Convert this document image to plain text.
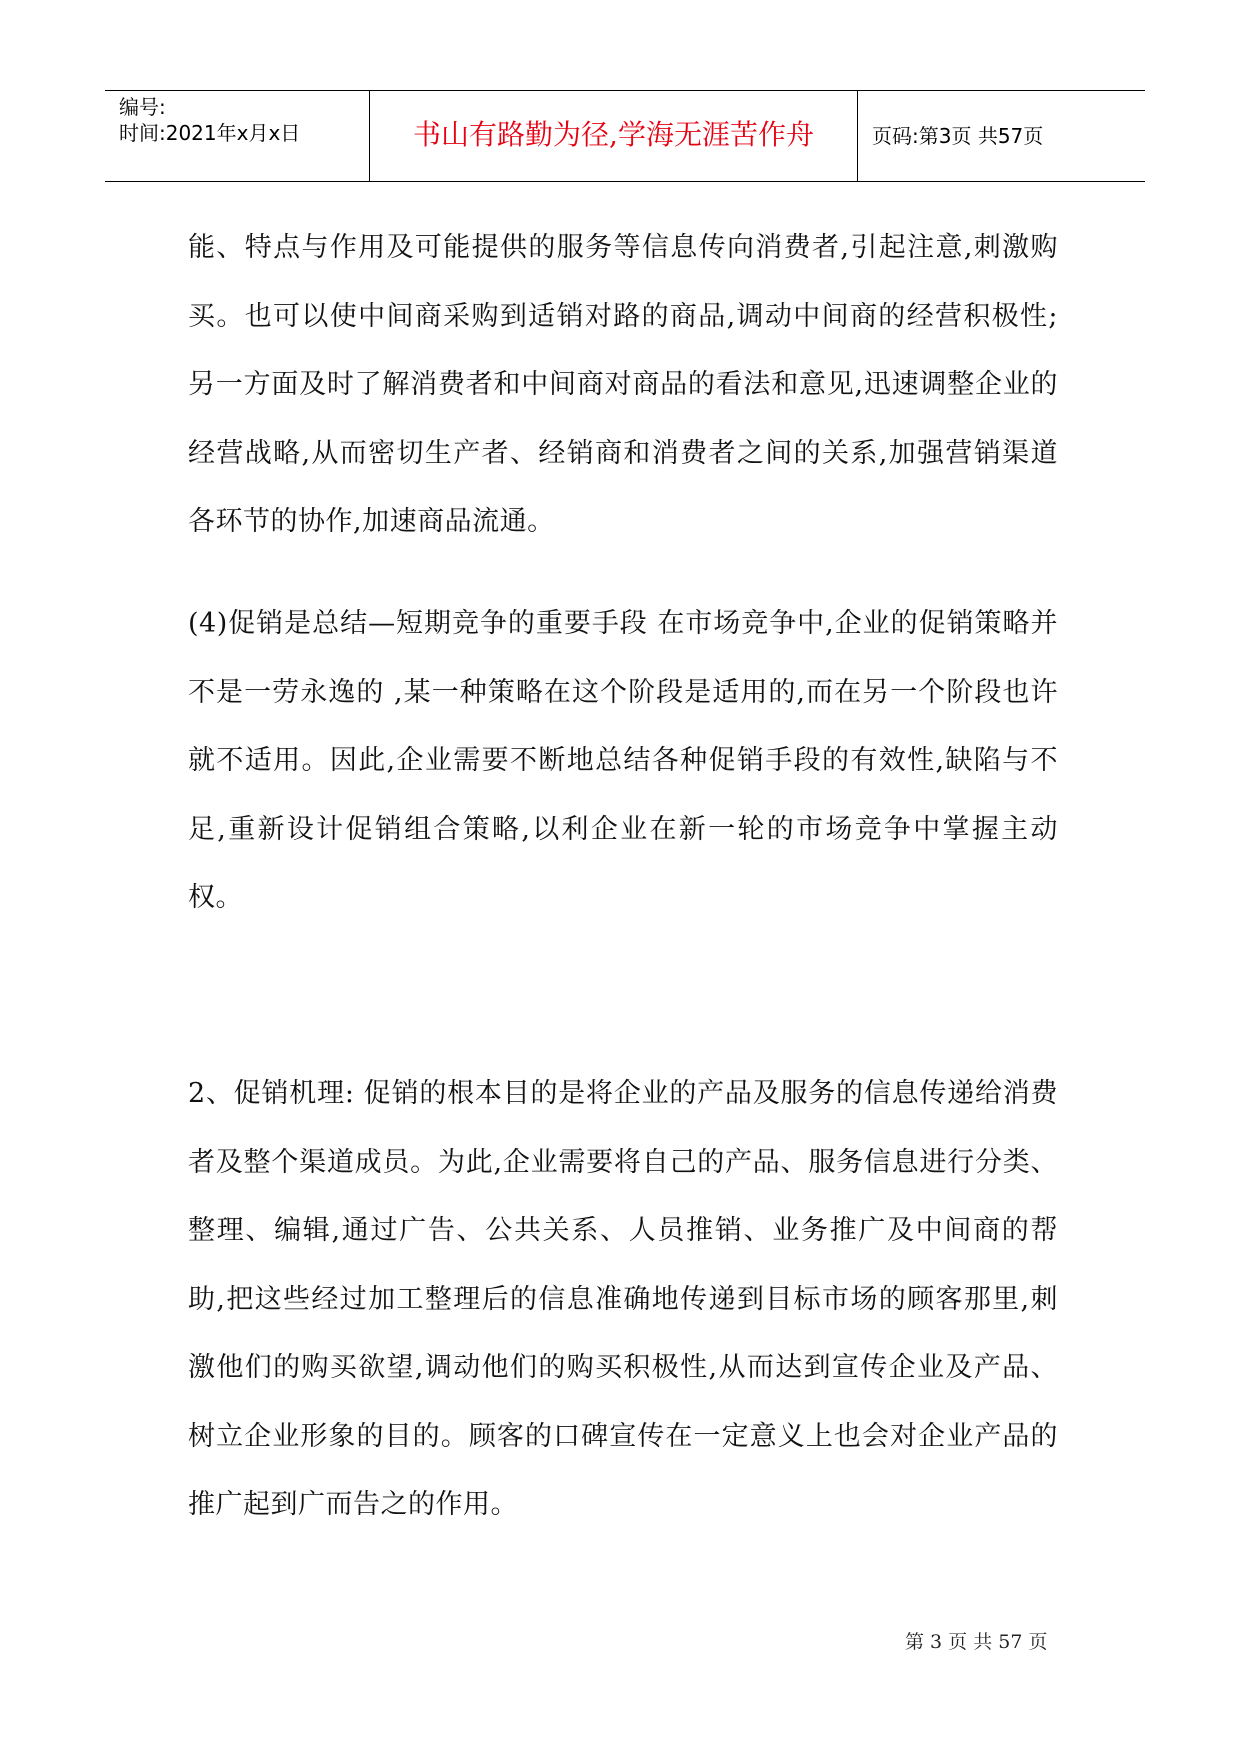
编号:
时间:2021年x月x日	书山有路勤为径,学海无涯苦作舟	页码:第3页 共57页

能、特点与作用及可能提供的服务等信息传向消费者,引起注意,刺激购买。也可以使中间商采购到适销对路的商品,调动中间商的经营积极性;另一方面及时了解消费者和中间商对商品的看法和意见,迅速调整企业的经营战略,从而密切生产者、经销商和消费者之间的关系,加强营销渠道各环节的协作,加速商品流通。

(4)促销是总结—短期竞争的重要手段 在市场竞争中,企业的促销策略并不是一劳永逸的 ,某一种策略在这个阶段是适用的,而在另一个阶段也许就不适用。因此,企业需要不断地总结各种促销手段的有效性,缺陷与不足,重新设计促销组合策略,以利企业在新一轮的市场竞争中掌握主动权。

2、促销机理: 促销的根本目的是将企业的产品及服务的信息传递给消费者及整个渠道成员。为此,企业需要将自己的产品、服务信息进行分类、整理、编辑,通过广告、公共关系、人员推销、业务推广及中间商的帮助,把这些经过加工整理后的信息准确地传递到目标市场的顾客那里,刺激他们的购买欲望,调动他们的购买积极性,从而达到宣传企业及产品、树立企业形象的目的。顾客的口碑宣传在一定意义上也会对企业产品的推广起到广而告之的作用。

第 3 页 共 57 页
